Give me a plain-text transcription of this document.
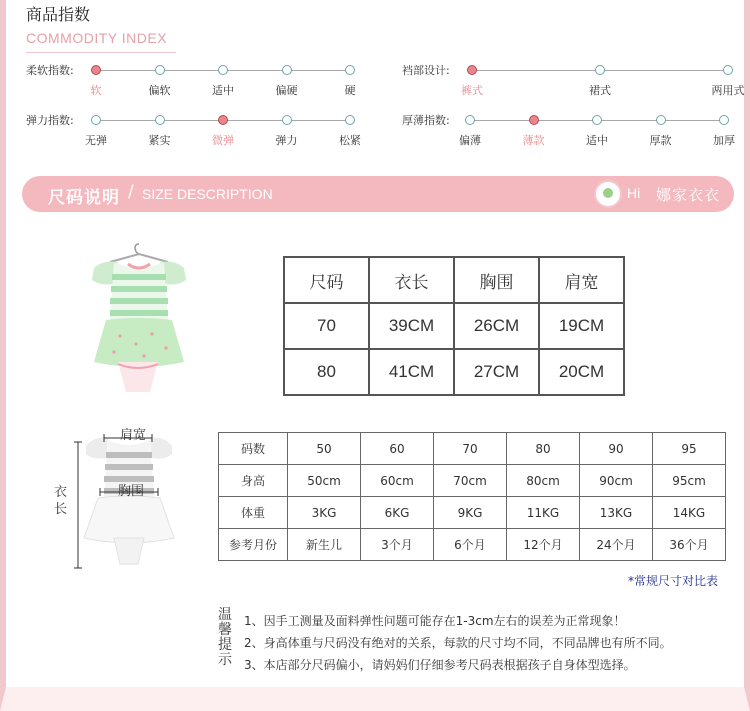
商品指数
COMMODITY INDEX
柔软指数:
软	偏软	适中	偏硬	硬
弹力指数:
无弹	紧实	微弹	弹力	松紧
裆部设计:
裤式	裙式	两用式
厚薄指数:
偏薄	薄款	适中	厚款	加厚
尺码说明 / SIZE DESCRIPTION	Hi 娜家衣衣
肩宽
胸围
衣长
尺码	衣长	胸围	肩宽
70	39CM	26CM	19CM
80	41CM	27CM	20CM
码数	50	60	70	80	90	95
身高	50cm	60cm	70cm	80cm	90cm	95cm
体重	3KG	6KG	9KG	11KG	13KG	14KG
参考月份	新生儿	3个月	6个月	12个月	24个月	36个月
*常规尺寸对比表
温馨提示
1、因手工测量及面料弹性问题可能存在1-3cm左右的误差为正常现象！
2、身高体重与尺码没有绝对的关系，每款的尺寸均不同，不同品牌也有所不同。
3、本店部分尺码偏小，请妈妈们仔细参考尺码表根据孩子自身体型选择。
